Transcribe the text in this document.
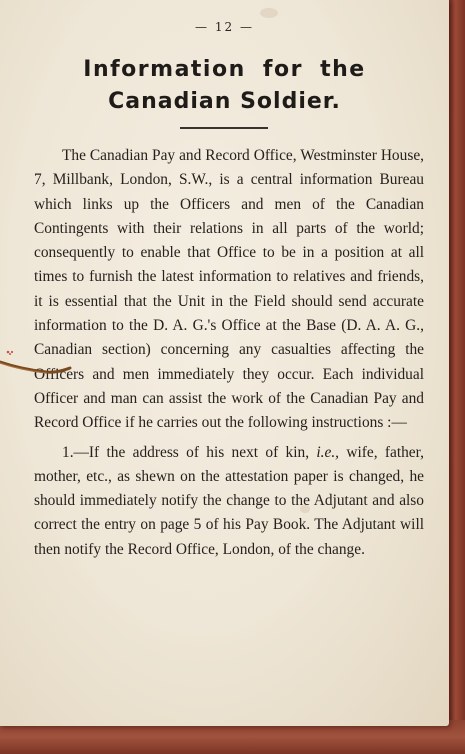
— 12 —
Information for the
Canadian Soldier.

The Canadian Pay and Record Office, Westminster House, 7, Millbank, London, S.W., is a central information Bureau which links up the Officers and men of the Canadian Contingents with their relations in all parts of the world; consequently to enable that Office to be in a position at all times to furnish the latest information to relatives and friends, it is essential that the Unit in the Field should send accurate information to the D. A. G.'s Office at the Base (D. A. A. G., Canadian section) concerning any casualties affecting the Officers and men immediately they occur. Each individual Officer and man can assist the work of the Canadian Pay and Record Office if he carries out the following instructions :—

1.—If the address of his next of kin, i.e., wife, father, mother, etc., as shewn on the attestation paper is changed, he should immediately notify the change to the Adjutant and also correct the entry on page 5 of his Pay Book. The Adjutant will then notify the Record Office, London, of the change.
